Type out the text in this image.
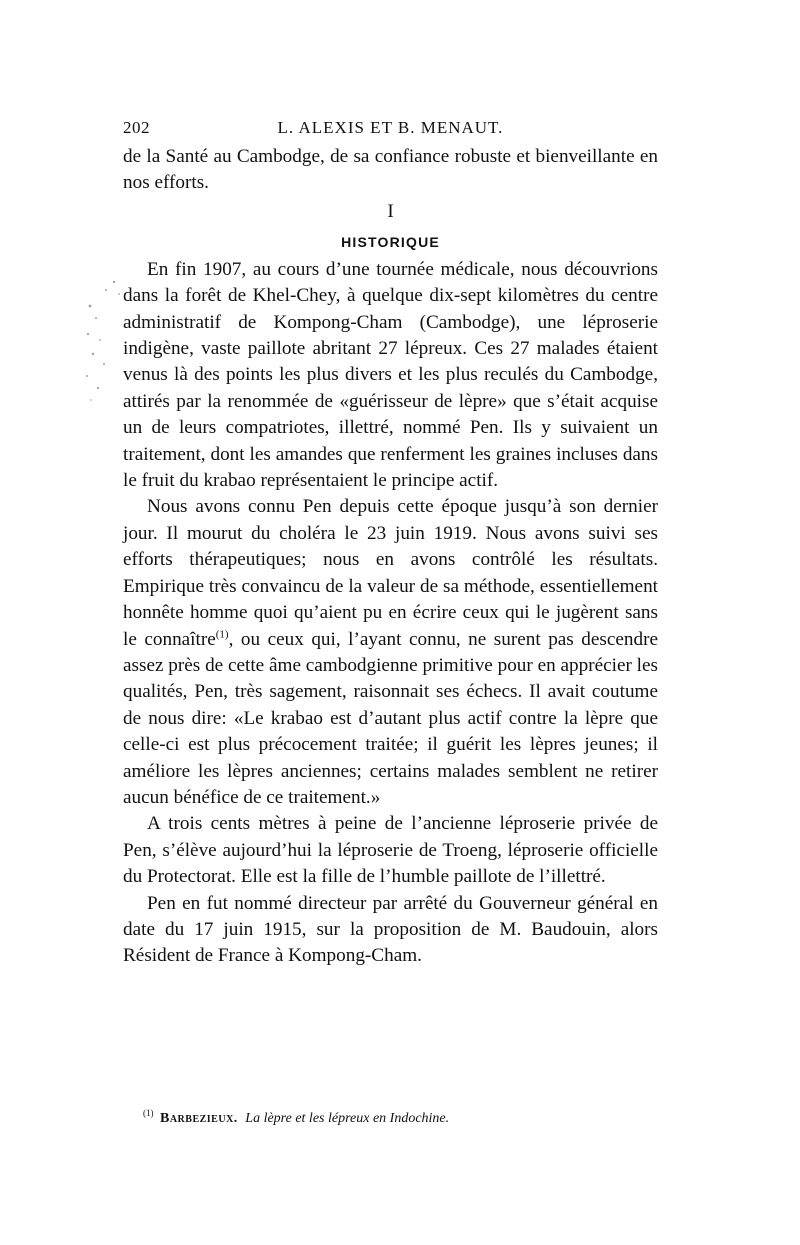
202	L. ALEXIS ET B. MENAUT.

de la Santé au Cambodge, de sa confiance robuste et bienveillante en nos efforts.

I
HISTORIQUE

En fin 1907, au cours d’une tournée médicale, nous découvrions dans la forêt de Khel-Chey, à quelque dix-sept kilomètres du centre administratif de Kompong-Cham (Cambodge), une léproserie indigène, vaste paillote abritant 27 lépreux. Ces 27 malades étaient venus là des points les plus divers et les plus reculés du Cambodge, attirés par la renommée de «guérisseur de lèpre» que s’était acquise un de leurs compatriotes, illettré, nommé Pen. Ils y suivaient un traitement, dont les amandes que renferment les graines incluses dans le fruit du krabao représentaient le principe actif.

Nous avons connu Pen depuis cette époque jusqu’à son dernier jour. Il mourut du choléra le 23 juin 1919. Nous avons suivi ses efforts thérapeutiques; nous en avons contrôlé les résultats. Empirique très convaincu de la valeur de sa méthode, essentiellement honnête homme quoi qu’aient pu en écrire ceux qui le jugèrent sans le connaître$^{(1)}$, ou ceux qui, l’ayant connu, ne surent pas descendre assez près de cette âme cambodgienne primitive pour en apprécier les qualités, Pen, très sagement, raisonnait ses échecs. Il avait coutume de nous dire: «Le krabao est d’autant plus actif contre la lèpre que celle-ci est plus précocement traitée; il guérit les lèpres jeunes; il améliore les lèpres anciennes; certains malades semblent ne retirer aucun bénéfice de ce traitement.»

A trois cents mètres à peine de l’ancienne léproserie privée de Pen, s’élève aujourd’hui la léproserie de Troeng, léproserie officielle du Protectorat. Elle est la fille de l’humble paillote de l’illettré.

Pen en fut nommé directeur par arrêté du Gouverneur général en date du 17 juin 1915, sur la proposition de M. Baudouin, alors Résident de France à Kompong-Cham.

$^{(1)}$ Barbezieux. La lèpre et les lépreux en Indochine.
